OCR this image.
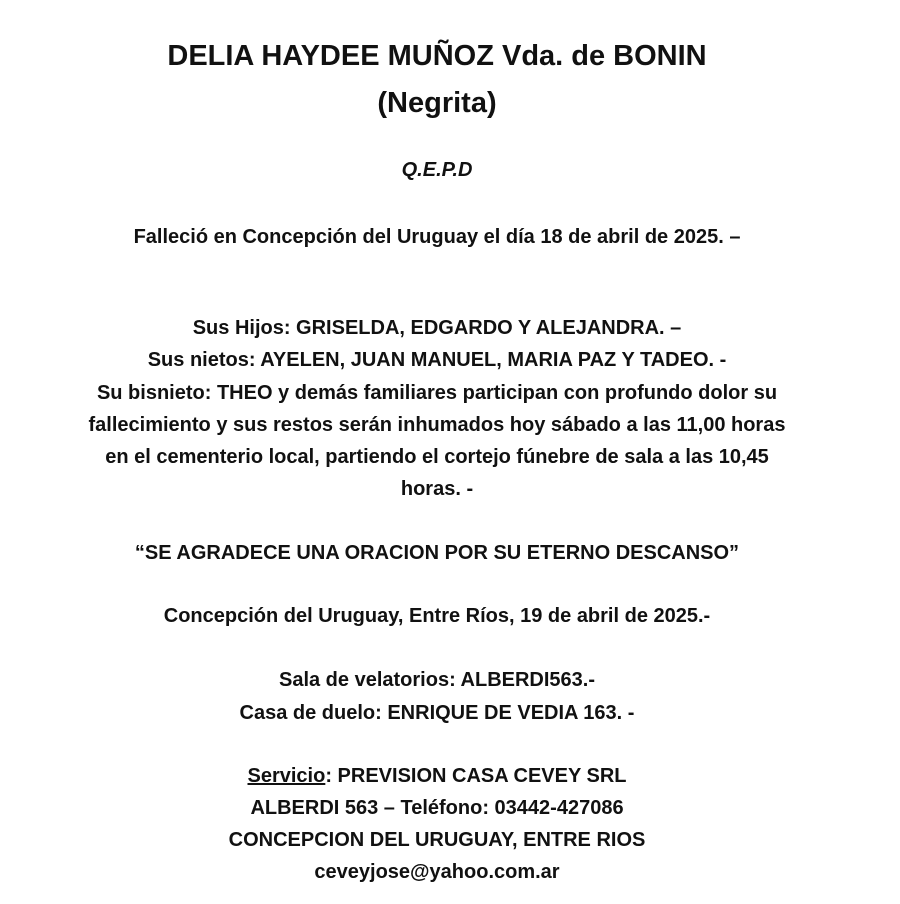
DELIA HAYDEE MUÑOZ Vda. de BONIN
(Negrita)
Q.E.P.D
Falleció en Concepción del Uruguay el día 18 de abril de 2025. –
Sus Hijos: GRISELDA, EDGARDO Y ALEJANDRA. –
Sus nietos: AYELEN, JUAN MANUEL, MARIA PAZ Y TADEO. -
Su bisnieto: THEO y demás familiares participan con profundo dolor su
fallecimiento y sus restos serán inhumados hoy sábado a las 11,00 horas
en el cementerio local, partiendo el cortejo fúnebre de sala a las 10,45
horas. -
“SE AGRADECE UNA ORACION POR SU ETERNO DESCANSO”
Concepción del Uruguay, Entre Ríos, 19 de abril de 2025.-
Sala de velatorios: ALBERDI563.-
Casa de duelo: ENRIQUE DE VEDIA 163. -
Servicio: PREVISION CASA CEVEY SRL
ALBERDI 563 – Teléfono: 03442-427086
CONCEPCION DEL URUGUAY, ENTRE RIOS
ceveyjose@yahoo.com.ar
